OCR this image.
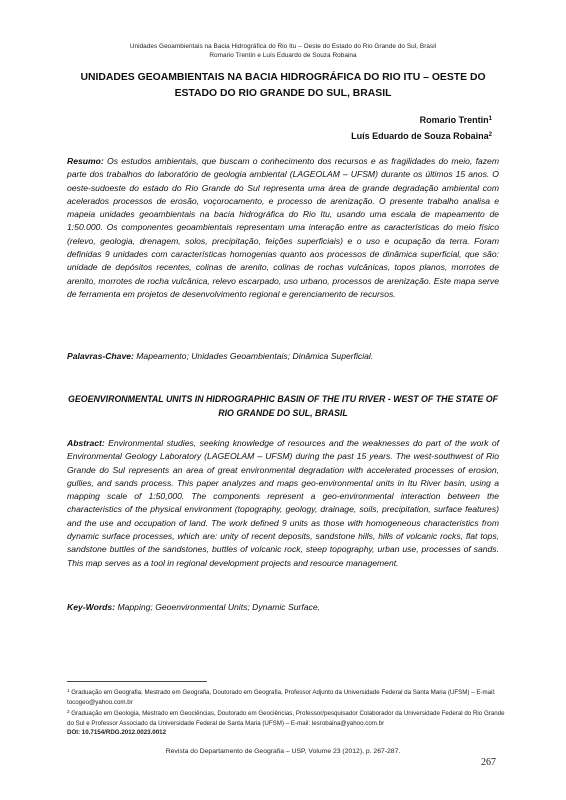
Unidades Geoambientais na Bacia Hidrográfica do Rio Itu – Oeste do Estado do Rio Grande do Sul, Brasil
Romario Trentin e Luís Eduardo de Souza Robaina
UNIDADES GEOAMBIENTAIS NA BACIA HIDROGRÁFICA DO RIO ITU – OESTE DO ESTADO DO RIO GRANDE DO SUL, BRASIL
Romario Trentin$^1$
Luís Eduardo de Souza Robaina$^2$

Resumo: Os estudos ambientais, que buscam o conhecimento dos recursos e as fragilidades do meio, fazem parte dos trabalhos do laboratório de geologia ambiental (LAGEOLAM – UFSM) durante os últimos 15 anos. O oeste-sudoeste do estado do Rio Grande do Sul representa uma área de grande degradação ambiental com acelerados processos de erosão, voçorocamento, e processo de arenização. O presente trabalho analisa e mapeia unidades geoambientais na bacia hidrográfica do Rio Itu, usando uma escala de mapeamento de 1:50.000. Os componentes geoambientais representam uma interação entre as características do meio físico (relevo, geologia, drenagem, solos, precipitação, feições superficiais) e o uso e ocupação da terra. Foram definidas 9 unidades com características homogenias quanto aos processos de dinâmica superficial, que são: unidade de depósitos recentes, colinas de arenito, colinas de rochas vulcânicas, topos planos, morrotes de arenito, morrotes de rocha vulcânica, relevo escarpado, uso urbano, processos de arenização. Este mapa serve de ferramenta em projetos de desenvolvimento regional e gerenciamento de recursos.

Palavras-Chave: Mapeamento; Unidades Geoambientais; Dinâmica Superficial.

GEOENVIRONMENTAL UNITS IN HIDROGRAPHIC BASIN OF THE ITU RIVER - WEST OF THE STATE OF RIO GRANDE DO SUL, BRASIL

Abstract: Environmental studies, seeking knowledge of resources and the weaknesses do part of the work of Environmental Geology Laboratory (LAGEOLAM – UFSM) during the past 15 years. The west-southwest of Rio Grande do Sul represents an area of great environmental degradation with accelerated processes of erosion, gullies, and sands process. This paper analyzes and maps geo-environmental units in Itu River basin, using a mapping scale of 1:50,000. The components represent a geo-environmental interaction between the characteristics of the physical environment (topography, geology, drainage, soils, precipitation, surface features) and the use and occupation of land. The work defined 9 units as those with homogeneous characteristics from dynamic surface processes, which are: unity of recent deposits, sandstone hills, hills of volcanic rocks, flat tops, sandstone buttles of the sandstones, buttles of volcanic rock, steep topography, urban use, processes of sands. This map serves as a tool in regional development projects and resource management.

Key-Words: Mapping; Geoenvironmental Units; Dynamic Surface.

$^1$ Graduação em Geografia, Mestrado em Geografia, Doutorado em Geografia, Professor Adjunto da Universidade Federal da Santa Maria (UFSM) – E-mail: tocogeo@yahoo.com.br

$^2$ Graduação em Geologia, Mestrado em Geociências, Doutorado em Geociências, Professor/pesquisador Colaborador da Universidade Federal do Rio Grande do Sul e Professor Associado da Universidade Federal de Santa Maria (UFSM) – E-mail: lesrobaina@yahoo.com.br

DOI: 10.7154/RDG.2012.0023.0012

Revista do Departamento de Geografia – USP, Volume 23 (2012), p. 267-287.
267
